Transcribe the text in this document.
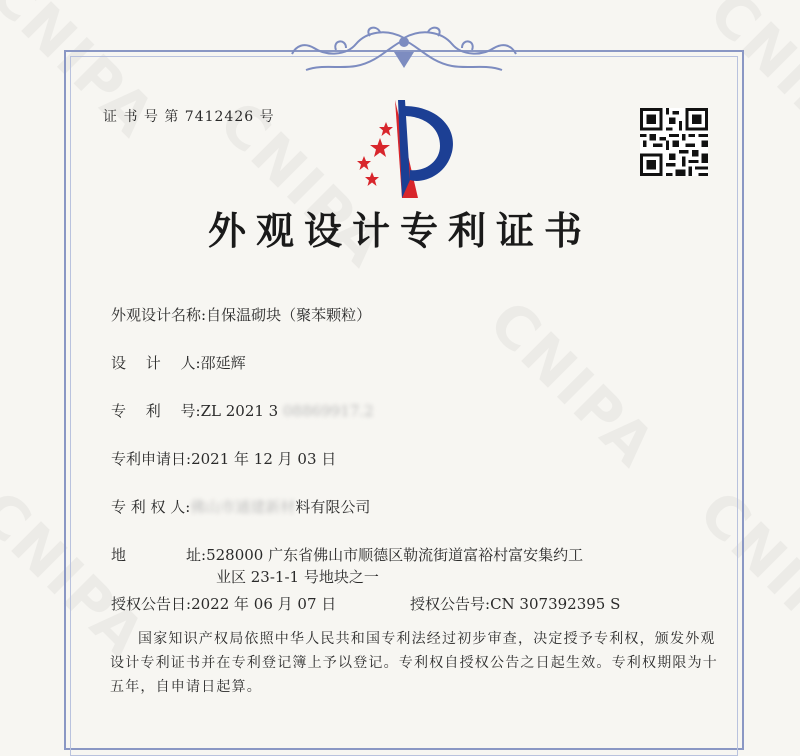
证 书 号 第 7412426 号
外观设计专利证书
外观设计名称:自保温砌块（聚苯颗粒）
设　 计　 人:邵延辉
专　 利　 号:ZL 2021 3 08869917.2
专利申请日:2021 年 12 月 03 日
专 利 权 人:佛山市通建新材料有限公司
地　　　　址:528000 广东省佛山市顺德区勒流街道富裕村富安集约工
业区 23-1-1 号地块之一
授权公告日:2022 年 06 月 07 日	授权公告号:CN 307392395 S
国家知识产权局依照中华人民共和国专利法经过初步审查，决定授予专利权，颁发外观设计专利证书并在专利登记簿上予以登记。专利权自授权公告之日起生效。专利权期限为十五年，自申请日起算。
